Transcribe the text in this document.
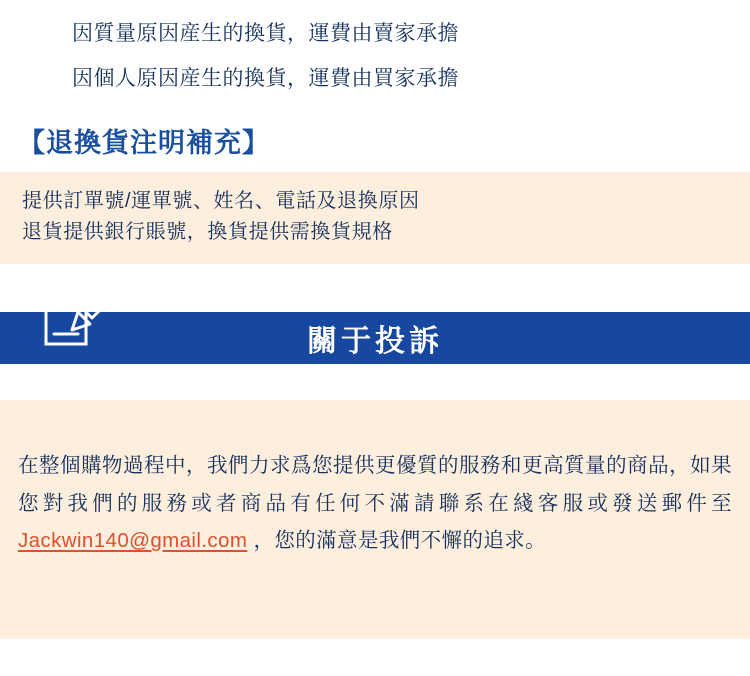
因質量原因産生的換貨，運費由賣家承擔
因個人原因産生的換貨，運費由買家承擔
【退換貨注明補充】
提供訂單號/運單號、姓名、電話及退換原因
退貨提供銀行賬號，換貨提供需換貨規格
關于投訴

在整個購物過程中，我們力求爲您提供更優質的服務和更高質量的商品，如果您對我們的服務或者商品有任何不滿請聯系在綫客服或發送郵件至 Jackwin140@gmail.com ，您的滿意是我們不懈的追求。
